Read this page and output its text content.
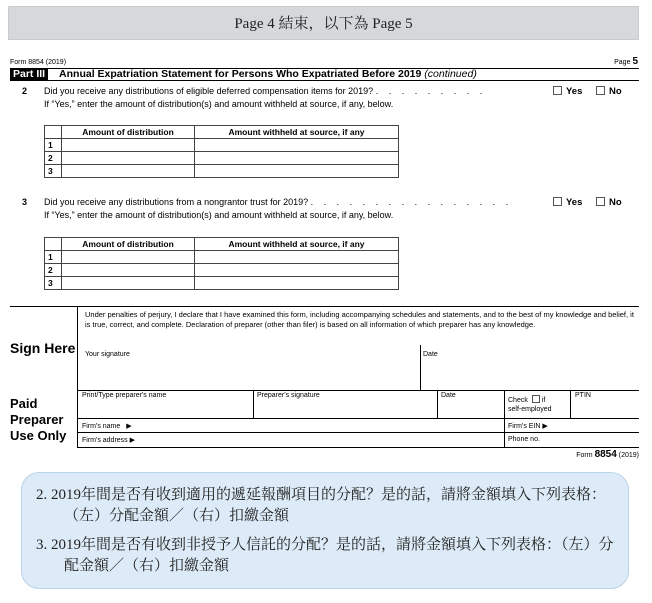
Page 4 結束，以下為 Page 5
Form 8854 (2019)	Page 5
Part III Annual Expatriation Statement for Persons Who Expatriated Before 2019 (continued)
2 Did you receive any distributions of eligible deferred compensation items for 2019? . . . . . . . . .	Yes	No
If “Yes,” enter the amount of distribution(s) and amount withheld at source, if any, below.
	Amount of distribution	Amount withheld at source, if any
1		
2		
3		
3 Did you receive any distributions from a nongrantor trust for 2019? . . . . . . . . . . . . . . . .	Yes	No
If “Yes,” enter the amount of distribution(s) and amount withheld at source, if any, below.
	Amount of distribution	Amount withheld at source, if any
1		
2		
3		
Sign Here
Under penalties of perjury, I declare that I have examined this form, including accompanying schedules and statements, and to the best of my knowledge and belief, it is true, correct, and complete. Declaration of preparer (other than filer) is based on all information of which preparer has any knowledge.
Your signature	Date
Paid
Preparer
Use Only
Print/Type preparer's name	Preparer's signature	Date
Check if
self-employed
PTIN
Firm's name ▶	Firm's EIN ▶
Firm's address ▶	Phone no.
Form 8854 (2019)

2. 2019年間是否有收到適用的遞延報酬項目的分配？是的話，請將金額填入下列表格：（左）分配金額／（右）扣繳金額

3. 2019年間是否有收到非授予人信託的分配？是的話，請將金額填入下列表格：（左）分配金額／（右）扣繳金額
